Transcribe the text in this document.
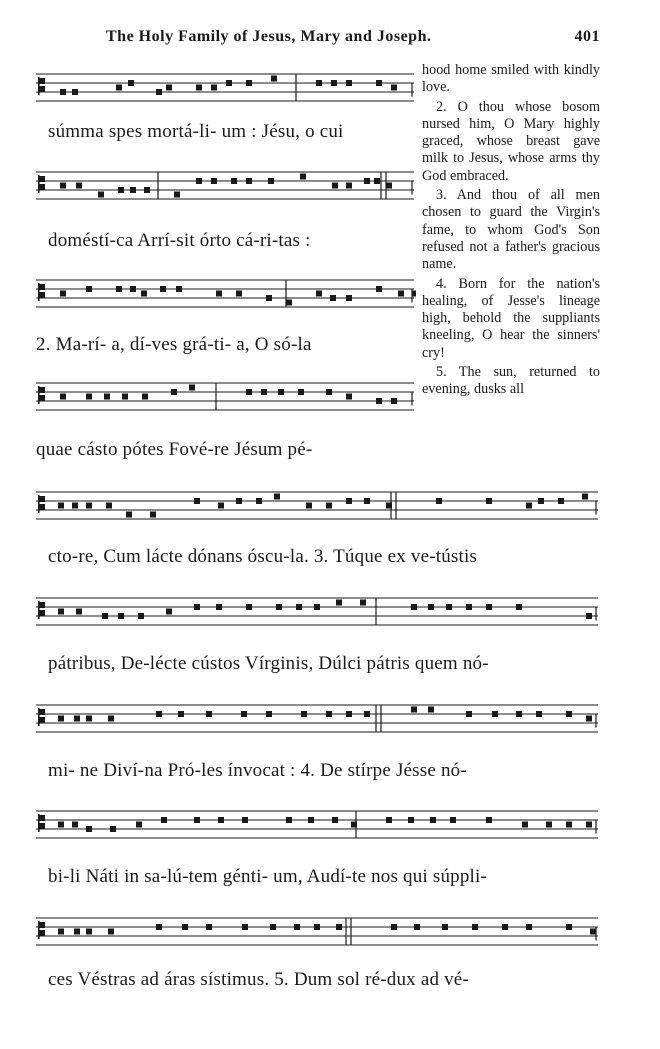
The Holy Family of Jesus, Mary and Joseph.	401
súmma spes mortá-li- um : Jésu, o cui
doméstí-ca Arrí-sit órto cá-ri-tas :
2. Ma-rí- a, dí-ves grá-ti- a, O só-la
quae cásto pótes Fové-re Jésum pé-

hood home smiled with kindly love.

2. O thou whose bosom nursed him, O Mary highly graced, whose breast gave milk to Jesus, whose arms thy God embraced.

3. And thou of all men chosen to guard the Virgin's fame, to whom God's Son refused not a father's gracious name.

4. Born for the nation's healing, of Jesse's lineage high, behold the suppliants kneeling, O hear the sinners' cry!

5. The sun, returned to evening, dusks all

cto-re, Cum lácte dónans óscu-la. 3. Túque ex ve-tústis
pátribus, De-lécte cústos Vírginis, Dúlci pátris quem nó-
mi- ne Diví-na Pró-les ínvocat : 4. De stírpe Jésse nó-
bi-li Náti in sa-lú-tem génti- um, Audí-te nos qui súppli-
ces Véstras ad áras sístimus. 5. Dum sol ré-dux ad vé-
